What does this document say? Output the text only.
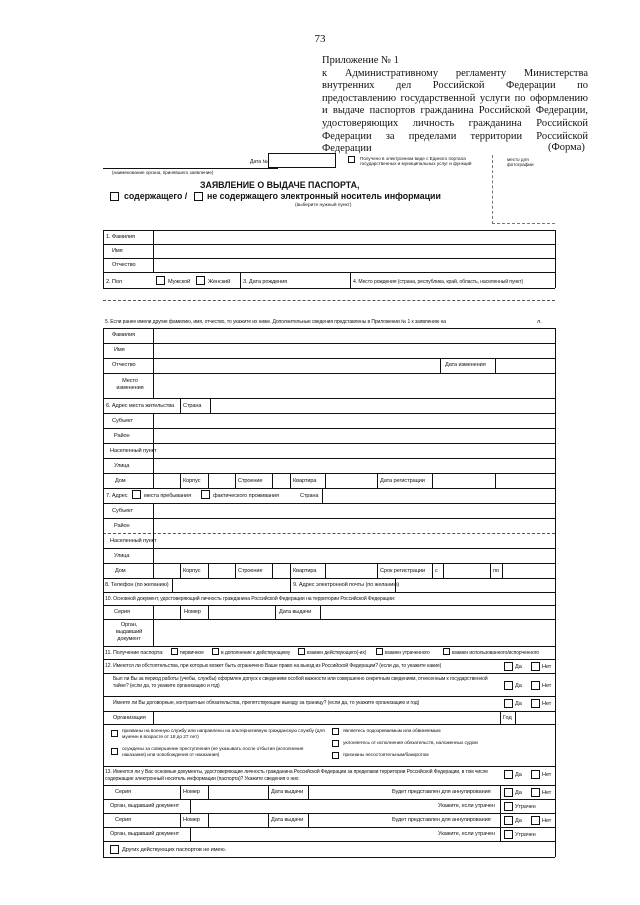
73
Приложение № 1
к Административному регламенту Министерства внутренних дел Российской Федерации по предоставлению государственной услуги по оформлению и выдаче паспортов гражданина Российской Федерации, удостоверяющих личность гражданина Российской Федерации за пределами территории Российской Федерации	(Форма)
Дата №
Получено в электронном виде с Единого портала государственных и муниципальных услуг и функций
(наименование органа, принявшего заявление)
место для фотографии
ЗАЯВЛЕНИЕ О ВЫДАЧЕ ПАСПОРТА,
содержащего / не содержащего электронный носитель информации
(выберите нужный пункт)
1. Фамилия
Имя
Отчество
2. Пол	Мужской	Женский 3. Дата рождения	4. Место рождения (страна, республика, край, область, населенный пункт)
5. Если ранее имели другие фамилию, имя, отчество, то укажите их ниже. Дополнительные сведения представлены в Приложении № 1 к заявлению на	л.
Фамилия
Имя
Отчество	Дата изменения
Место изменения
6. Адрес места жительства Страна
Субъект
Район
Населенный пункт
Улица
Дом	Корпус	Строение	Квартира	Дата регистрации
7. Адрес	места пребывания	фактического проживания	Страна
Субъект
Район
Населенный пункт
Улица
Дом	Корпус	Строение	Квартира	Срок регистрации с	по
8. Телефон (по желанию)	9. Адрес электронной почты (по желанию)
10. Основной документ, удостоверяющий личность гражданина Российской Федерации на территории Российской Федерации:
Серия	Номер	Дата выдачи
Орган, выдавший документ
11. Получение паспорта:	первичное	в дополнение к действующему	взамен действующего(-их)	взамен утраченного	взамен использованного/испорченного
12. Имеются ли обстоятельства, при которых может быть ограничено Ваше право на выезд из Российской Федерации? (если да, то укажите какие)	Да	Нет
Был ли Вы за период работы (учебы, службы) оформлен допуск к сведениям особой важности или совершенно секретным сведениям, отнесенным к государственной тайне? (если да, то укажите организацию и год)	Да	Нет
Имеете ли Вы договорные, контрактные обязательства, препятствующие выезду за границу? (если да, то укажите организацию и год)	Да	Нет
Организация	Год
призваны на военную службу или направлены на альтернативную гражданскую службу (для мужчин в возрасте от 18 до 27 лет)
осуждены за совершение преступления (не указывать после отбытия (исполнения наказания) или освобождения от наказания)
являетесь подозреваемым или обвиняемым
уклоняетесь от исполнения обязательств, наложенных судом
признаны несостоятельным/банкротом
13. Имеются ли у Вас основные документы, удостоверяющие личность гражданина Российской Федерации за пределами территории Российской Федерации, в том числе содержащие электронный носитель информации (паспорта)? Укажите сведения о них:
Да	Нет
Серия	Номер	Дата выдачи	Будет представлен для аннулирования	Да	Нет
Орган, выдавший документ	Укажите, если утрачен	Утрачен
Серия	Номер	Дата выдачи	Будет представлен для аннулирования	Да	Нет
Орган, выдавший документ	Укажите, если утрачен	Утрачен
Других действующих паспортов не имею.
